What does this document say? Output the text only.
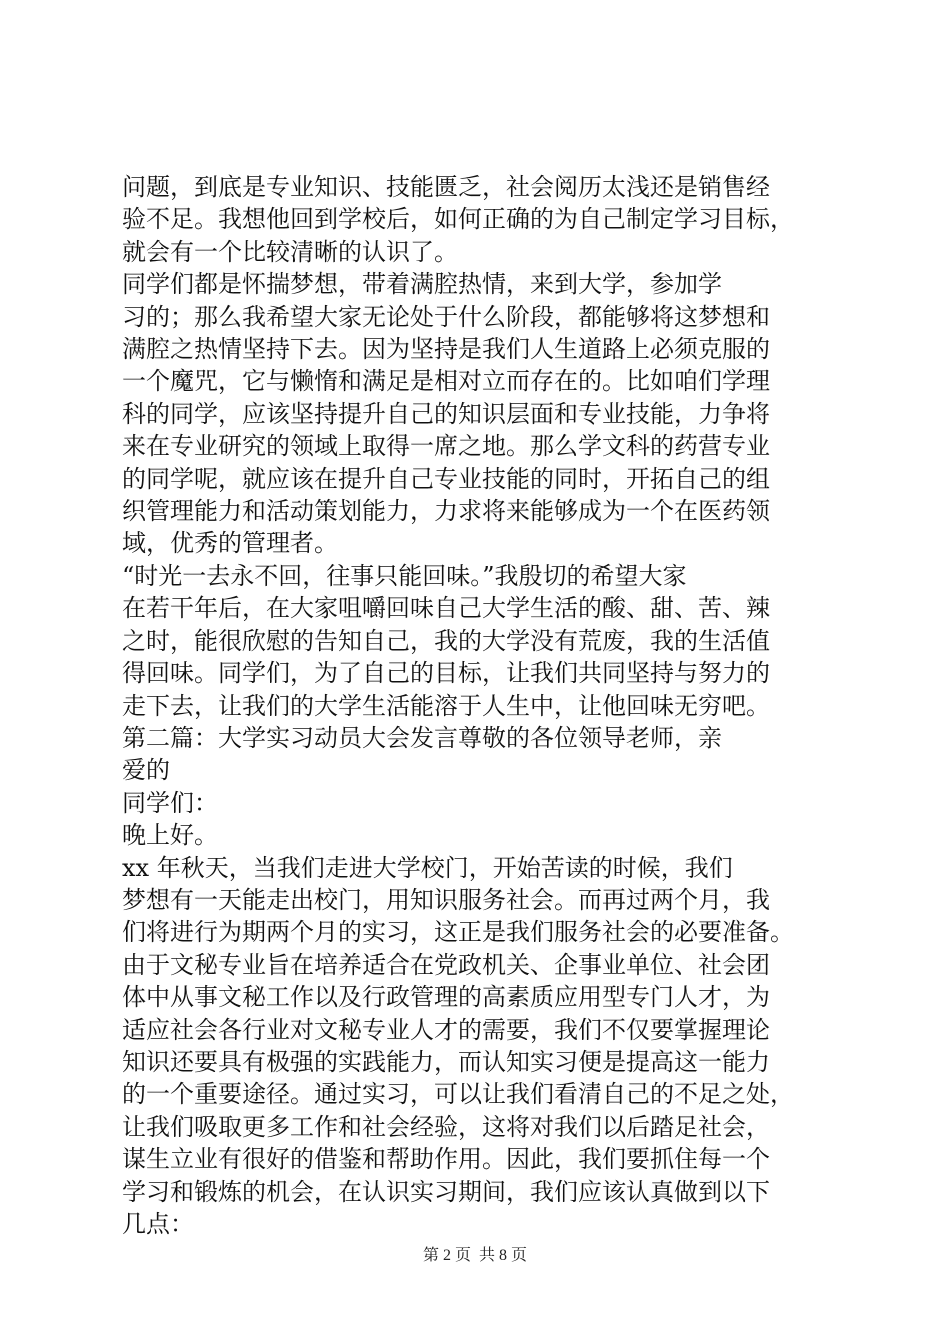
问题，到底是专业知识、技能匮乏，社会阅历太浅还是销售经
验不足。我想他回到学校后，如何正确的为自己制定学习目标，
就会有一个比较清晰的认识了。

同学们都是怀揣梦想，带着满腔热情，来到大学，参加学
习的；那么我希望大家无论处于什么阶段，都能够将这梦想和
满腔之热情坚持下去。因为坚持是我们人生道路上必须克服的
一个魔咒，它与懒惰和满足是相对立而存在的。比如咱们学理
科的同学，应该坚持提升自己的知识层面和专业技能，力争将
来在专业研究的领域上取得一席之地。那么学文科的药营专业
的同学呢，就应该在提升自己专业技能的同时，开拓自己的组
织管理能力和活动策划能力，力求将来能够成为一个在医药领
域，优秀的管理者。

“时光一去永不回，往事只能回味。”我殷切的希望大家
在若干年后，在大家咀嚼回味自己大学生活的酸、甜、苦、辣
之时，能很欣慰的告知自己，我的大学没有荒废，我的生活值
得回味。同学们，为了自己的目标，让我们共同坚持与努力的
走下去，让我们的大学生活能溶于人生中，让他回味无穷吧。

第二篇：大学实习动员大会发言尊敬的各位领导老师，亲
爱的

同学们：

晚上好。

xx 年秋天，当我们走进大学校门，开始苦读的时候，我们
梦想有一天能走出校门，用知识服务社会。而再过两个月，我
们将进行为期两个月的实习，这正是我们服务社会的必要准备。
由于文秘专业旨在培养适合在党政机关、企事业单位、社会团
体中从事文秘工作以及行政管理的高素质应用型专门人才，为
适应社会各行业对文秘专业人才的需要，我们不仅要掌握理论
知识还要具有极强的实践能力，而认知实习便是提高这一能力
的一个重要途径。通过实习，可以让我们看清自己的不足之处，
让我们吸取更多工作和社会经验，这将对我们以后踏足社会，
谋生立业有很好的借鉴和帮助作用。因此，我们要抓住每一个
学习和锻炼的机会，在认识实习期间，我们应该认真做到以下
几点：

第 2 页  共 8 页
